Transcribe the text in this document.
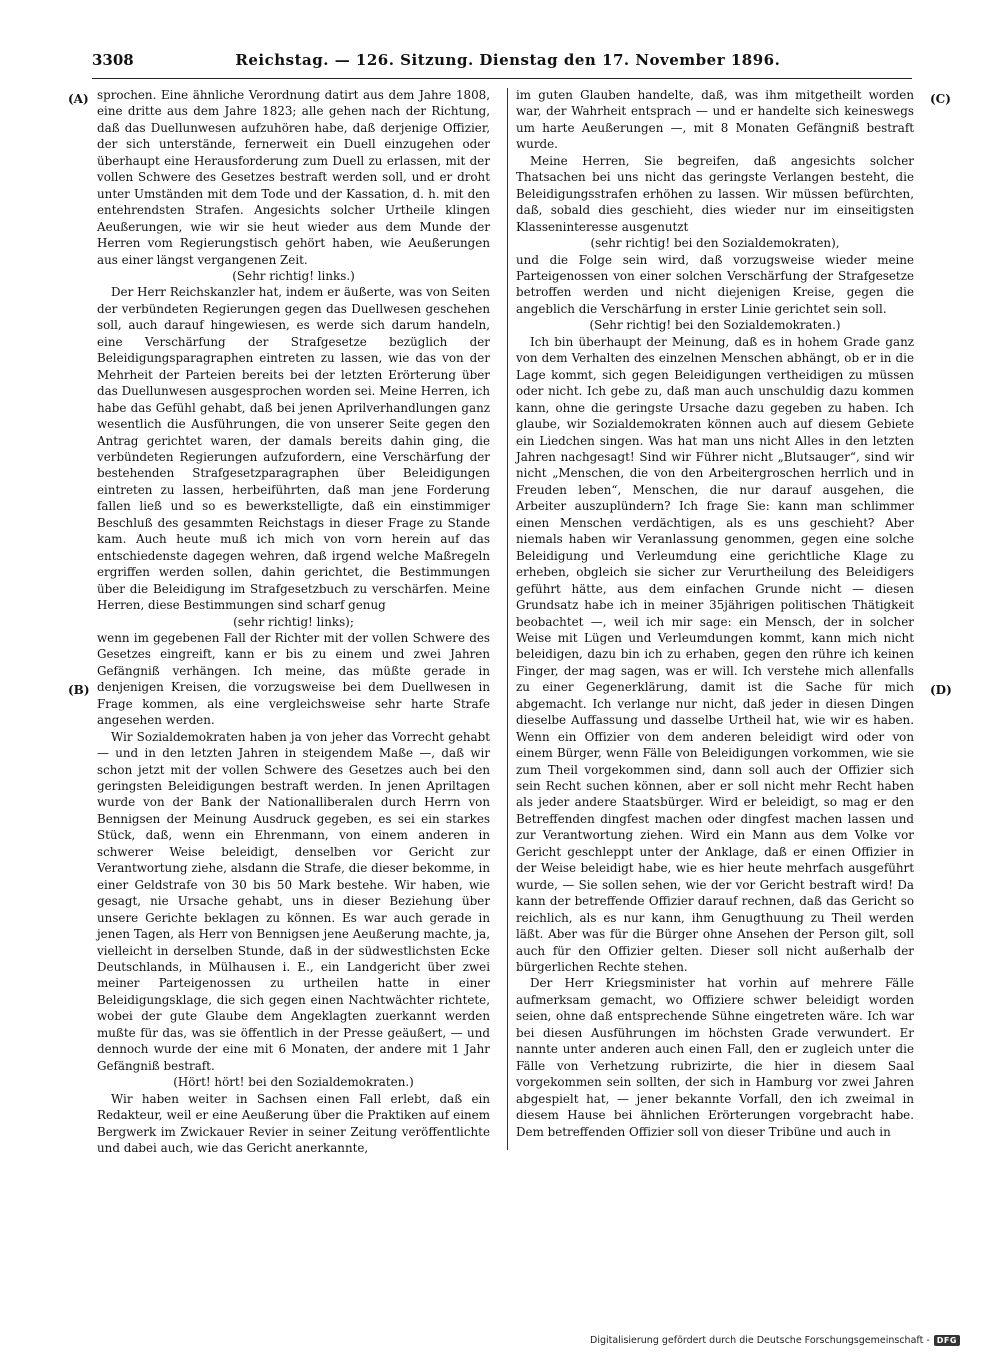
3308	Reichstag. — 126. Sitzung. Dienstag den 17. November 1896.
(A)
(B)
(C)
(D)

sprochen. Eine ähnliche Verordnung datirt aus dem Jahre 1808, eine dritte aus dem Jahre 1823; alle gehen nach der Richtung, daß das Duellunwesen aufzuhören habe, daß derjenige Offizier, der sich unterstände, fernerweit ein Duell einzugehen oder überhaupt eine Herausforderung zum Duell zu erlassen, mit der vollen Schwere des Gesetzes bestraft werden soll, und er droht unter Umständen mit dem Tode und der Kassation, d. h. mit den entehrendsten Strafen. Angesichts solcher Urtheile klingen Aeußerungen, wie wir sie heut wieder aus dem Munde der Herren vom Regierungstisch gehört haben, wie Aeußerungen aus einer längst vergangenen Zeit.

(Sehr richtig! links.)

Der Herr Reichskanzler hat, indem er äußerte, was von Seiten der verbündeten Regierungen gegen das Duellwesen geschehen soll, auch darauf hingewiesen, es werde sich darum handeln, eine Verschärfung der Strafgesetze bezüglich der Beleidigungsparagraphen eintreten zu lassen, wie das von der Mehrheit der Parteien bereits bei der letzten Erörterung über das Duellunwesen ausgesprochen worden sei. Meine Herren, ich habe das Gefühl gehabt, daß bei jenen Aprilverhandlungen ganz wesentlich die Ausführungen, die von unserer Seite gegen den Antrag gerichtet waren, der damals bereits dahin ging, die verbündeten Regierungen aufzufordern, eine Verschärfung der bestehenden Strafgesetzparagraphen über Beleidigungen eintreten zu lassen, herbeiführten, daß man jene Forderung fallen ließ und so es bewerkstelligte, daß ein einstimmiger Beschluß des gesammten Reichstags in dieser Frage zu Stande kam. Auch heute muß ich mich von vorn herein auf das entschiedenste dagegen wehren, daß irgend welche Maßregeln ergriffen werden sollen, dahin gerichtet, die Bestimmungen über die Beleidigung im Strafgesetzbuch zu verschärfen. Meine Herren, diese Bestimmungen sind scharf genug

(sehr richtig! links);

wenn im gegebenen Fall der Richter mit der vollen Schwere des Gesetzes eingreift, kann er bis zu einem und zwei Jahren Gefängniß verhängen. Ich meine, das müßte gerade in denjenigen Kreisen, die vorzugsweise bei dem Duellwesen in Frage kommen, als eine vergleichsweise sehr harte Strafe angesehen werden.

Wir Sozialdemokraten haben ja von jeher das Vorrecht gehabt — und in den letzten Jahren in steigendem Maße —, daß wir schon jetzt mit der vollen Schwere des Gesetzes auch bei den geringsten Beleidigungen bestraft werden. In jenen Apriltagen wurde von der Bank der Nationalliberalen durch Herrn von Bennigsen der Meinung Ausdruck gegeben, es sei ein starkes Stück, daß, wenn ein Ehrenmann, von einem anderen in schwerer Weise beleidigt, denselben vor Gericht zur Verantwortung ziehe, alsdann die Strafe, die dieser bekomme, in einer Geldstrafe von 30 bis 50 Mark bestehe. Wir haben, wie gesagt, nie Ursache gehabt, uns in dieser Beziehung über unsere Gerichte beklagen zu können. Es war auch gerade in jenen Tagen, als Herr von Bennigsen jene Aeußerung machte, ja, vielleicht in derselben Stunde, daß in der südwestlichsten Ecke Deutschlands, in Mülhausen i. E., ein Landgericht über zwei meiner Parteigenossen zu urtheilen hatte in einer Beleidigungsklage, die sich gegen einen Nachtwächter richtete, wobei der gute Glaube dem Angeklagten zuerkannt werden mußte für das, was sie öffentlich in der Presse geäußert, — und dennoch wurde der eine mit 6 Monaten, der andere mit 1 Jahr Gefängniß bestraft.

(Hört! hört! bei den Sozialdemokraten.)

Wir haben weiter in Sachsen einen Fall erlebt, daß ein Redakteur, weil er eine Aeußerung über die Praktiken auf einem Bergwerk im Zwickauer Revier in seiner Zeitung veröffentlichte und dabei auch, wie das Gericht anerkannte,

im guten Glauben handelte, daß, was ihm mitgetheilt worden war, der Wahrheit entsprach — und er handelte sich keineswegs um harte Aeußerungen —, mit 8 Monaten Gefängniß bestraft wurde.

Meine Herren, Sie begreifen, daß angesichts solcher Thatsachen bei uns nicht das geringste Verlangen besteht, die Beleidigungsstrafen erhöhen zu lassen. Wir müssen befürchten, daß, sobald dies geschieht, dies wieder nur im einseitigsten Klasseninteresse ausgenutzt

(sehr richtig! bei den Sozialdemokraten),

und die Folge sein wird, daß vorzugsweise wieder meine Parteigenossen von einer solchen Verschärfung der Strafgesetze betroffen werden und nicht diejenigen Kreise, gegen die angeblich die Verschärfung in erster Linie gerichtet sein soll.

(Sehr richtig! bei den Sozialdemokraten.)

Ich bin überhaupt der Meinung, daß es in hohem Grade ganz von dem Verhalten des einzelnen Menschen abhängt, ob er in die Lage kommt, sich gegen Beleidigungen vertheidigen zu müssen oder nicht. Ich gebe zu, daß man auch unschuldig dazu kommen kann, ohne die geringste Ursache dazu gegeben zu haben. Ich glaube, wir Sozialdemokraten können auch auf diesem Gebiete ein Liedchen singen. Was hat man uns nicht Alles in den letzten Jahren nachgesagt! Sind wir Führer nicht „Blutsauger“, sind wir nicht „Menschen, die von den Arbeitergroschen herrlich und in Freuden leben“, Menschen, die nur darauf ausgehen, die Arbeiter auszuplündern? Ich frage Sie: kann man schlimmer einen Menschen verdächtigen, als es uns geschieht? Aber niemals haben wir Veranlassung genommen, gegen eine solche Beleidigung und Verleumdung eine gerichtliche Klage zu erheben, obgleich sie sicher zur Verurtheilung des Beleidigers geführt hätte, aus dem einfachen Grunde nicht — diesen Grundsatz habe ich in meiner 35jährigen politischen Thätigkeit beobachtet —, weil ich mir sage: ein Mensch, der in solcher Weise mit Lügen und Verleumdungen kommt, kann mich nicht beleidigen, dazu bin ich zu erhaben, gegen den rühre ich keinen Finger, der mag sagen, was er will. Ich verstehe mich allenfalls zu einer Gegenerklärung, damit ist die Sache für mich abgemacht. Ich verlange nur nicht, daß jeder in diesen Dingen dieselbe Auffassung und dasselbe Urtheil hat, wie wir es haben. Wenn ein Offizier von dem anderen beleidigt wird oder von einem Bürger, wenn Fälle von Beleidigungen vorkommen, wie sie zum Theil vorgekommen sind, dann soll auch der Offizier sich sein Recht suchen können, aber er soll nicht mehr Recht haben als jeder andere Staatsbürger. Wird er beleidigt, so mag er den Betreffenden dingfest machen oder dingfest machen lassen und zur Verantwortung ziehen. Wird ein Mann aus dem Volke vor Gericht geschleppt unter der Anklage, daß er einen Offizier in der Weise beleidigt habe, wie es hier heute mehrfach ausgeführt wurde, — Sie sollen sehen, wie der vor Gericht bestraft wird! Da kann der betreffende Offizier darauf rechnen, daß das Gericht so reichlich, als es nur kann, ihm Genugthuung zu Theil werden läßt. Aber was für die Bürger ohne Ansehen der Person gilt, soll auch für den Offizier gelten. Dieser soll nicht außerhalb der bürgerlichen Rechte stehen.

Der Herr Kriegsminister hat vorhin auf mehrere Fälle aufmerksam gemacht, wo Offiziere schwer beleidigt worden seien, ohne daß entsprechende Sühne eingetreten wäre. Ich war bei diesen Ausführungen im höchsten Grade verwundert. Er nannte unter anderen auch einen Fall, den er zugleich unter die Fälle von Verhetzung rubrizirte, die hier in diesem Saal vorgekommen sein sollten, der sich in Hamburg vor zwei Jahren abgespielt hat, — jener bekannte Vorfall, den ich zweimal in diesem Hause bei ähnlichen Erörterungen vorgebracht habe. Dem betreffenden Offizier soll von dieser Tribüne und auch in

Digitalisierung gefördert durch die Deutsche Forschungsgemeinschaft - DFG
